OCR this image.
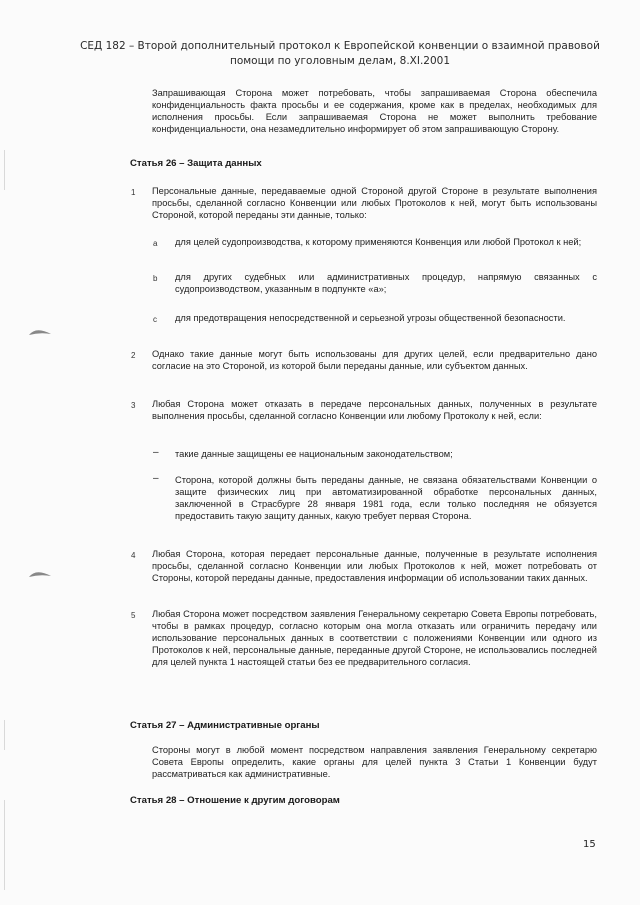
СЕД 182 – Второй дополнительный протокол к Европейской конвенции о взаимной правовой
помощи по уголовным делам, 8.XI.2001
Запрашивающая Сторона может потребовать, чтобы запрашиваемая Сторона обеспечила конфиденциальность факта просьбы и ее содержания, кроме как в пределах, необходимых для исполнения просьбы. Если запрашиваемая Сторона не может выполнить требование конфиденциальности, она незамедлительно информирует об этом запрашивающую Сторону.
Статья 26 – Защита данных
1 Персональные данные, передаваемые одной Стороной другой Стороне в результате выполнения просьбы, сделанной согласно Конвенции или любых Протоколов к ней, могут быть использованы Стороной, которой переданы эти данные, только:
a для целей судопроизводства, к которому применяются Конвенция или любой Протокол к ней;
b для других судебных или административных процедур, напрямую связанных с судопроизводством, указанным в подпункте «a»;
c для предотвращения непосредственной и серьезной угрозы общественной безопасности.
2 Однако такие данные могут быть использованы для других целей, если предварительно дано согласие на это Стороной, из которой были переданы данные, или субъектом данных.
3 Любая Сторона может отказать в передаче персональных данных, полученных в результате выполнения просьбы, сделанной согласно Конвенции или любому Протоколу к ней, если:
– такие данные защищены ее национальным законодательством;
– Сторона, которой должны быть переданы данные, не связана обязательствами Конвенции о защите физических лиц при автоматизированной обработке персональных данных, заключенной в Страсбурге 28 января 1981 года, если только последняя не обязуется предоставить такую защиту данных, какую требует первая Сторона.
4 Любая Сторона, которая передает персональные данные, полученные в результате исполнения просьбы, сделанной согласно Конвенции или любых Протоколов к ней, может потребовать от Стороны, которой переданы данные, предоставления информации об использовании таких данных.
5 Любая Сторона может посредством заявления Генеральному секретарю Совета Европы потребовать, чтобы в рамках процедур, согласно которым она могла отказать или ограничить передачу или использование персональных данных в соответствии с положениями Конвенции или одного из Протоколов к ней, персональные данные, переданные другой Стороне, не использовались последней для целей пункта 1 настоящей статьи без ее предварительного согласия.
Статья 27 – Административные органы
Стороны могут в любой момент посредством направления заявления Генеральному секретарю Совета Европы определить, какие органы для целей пункта 3 Статьи 1 Конвенции будут рассматриваться как административные.
Статья 28 – Отношение к другим договорам
15
